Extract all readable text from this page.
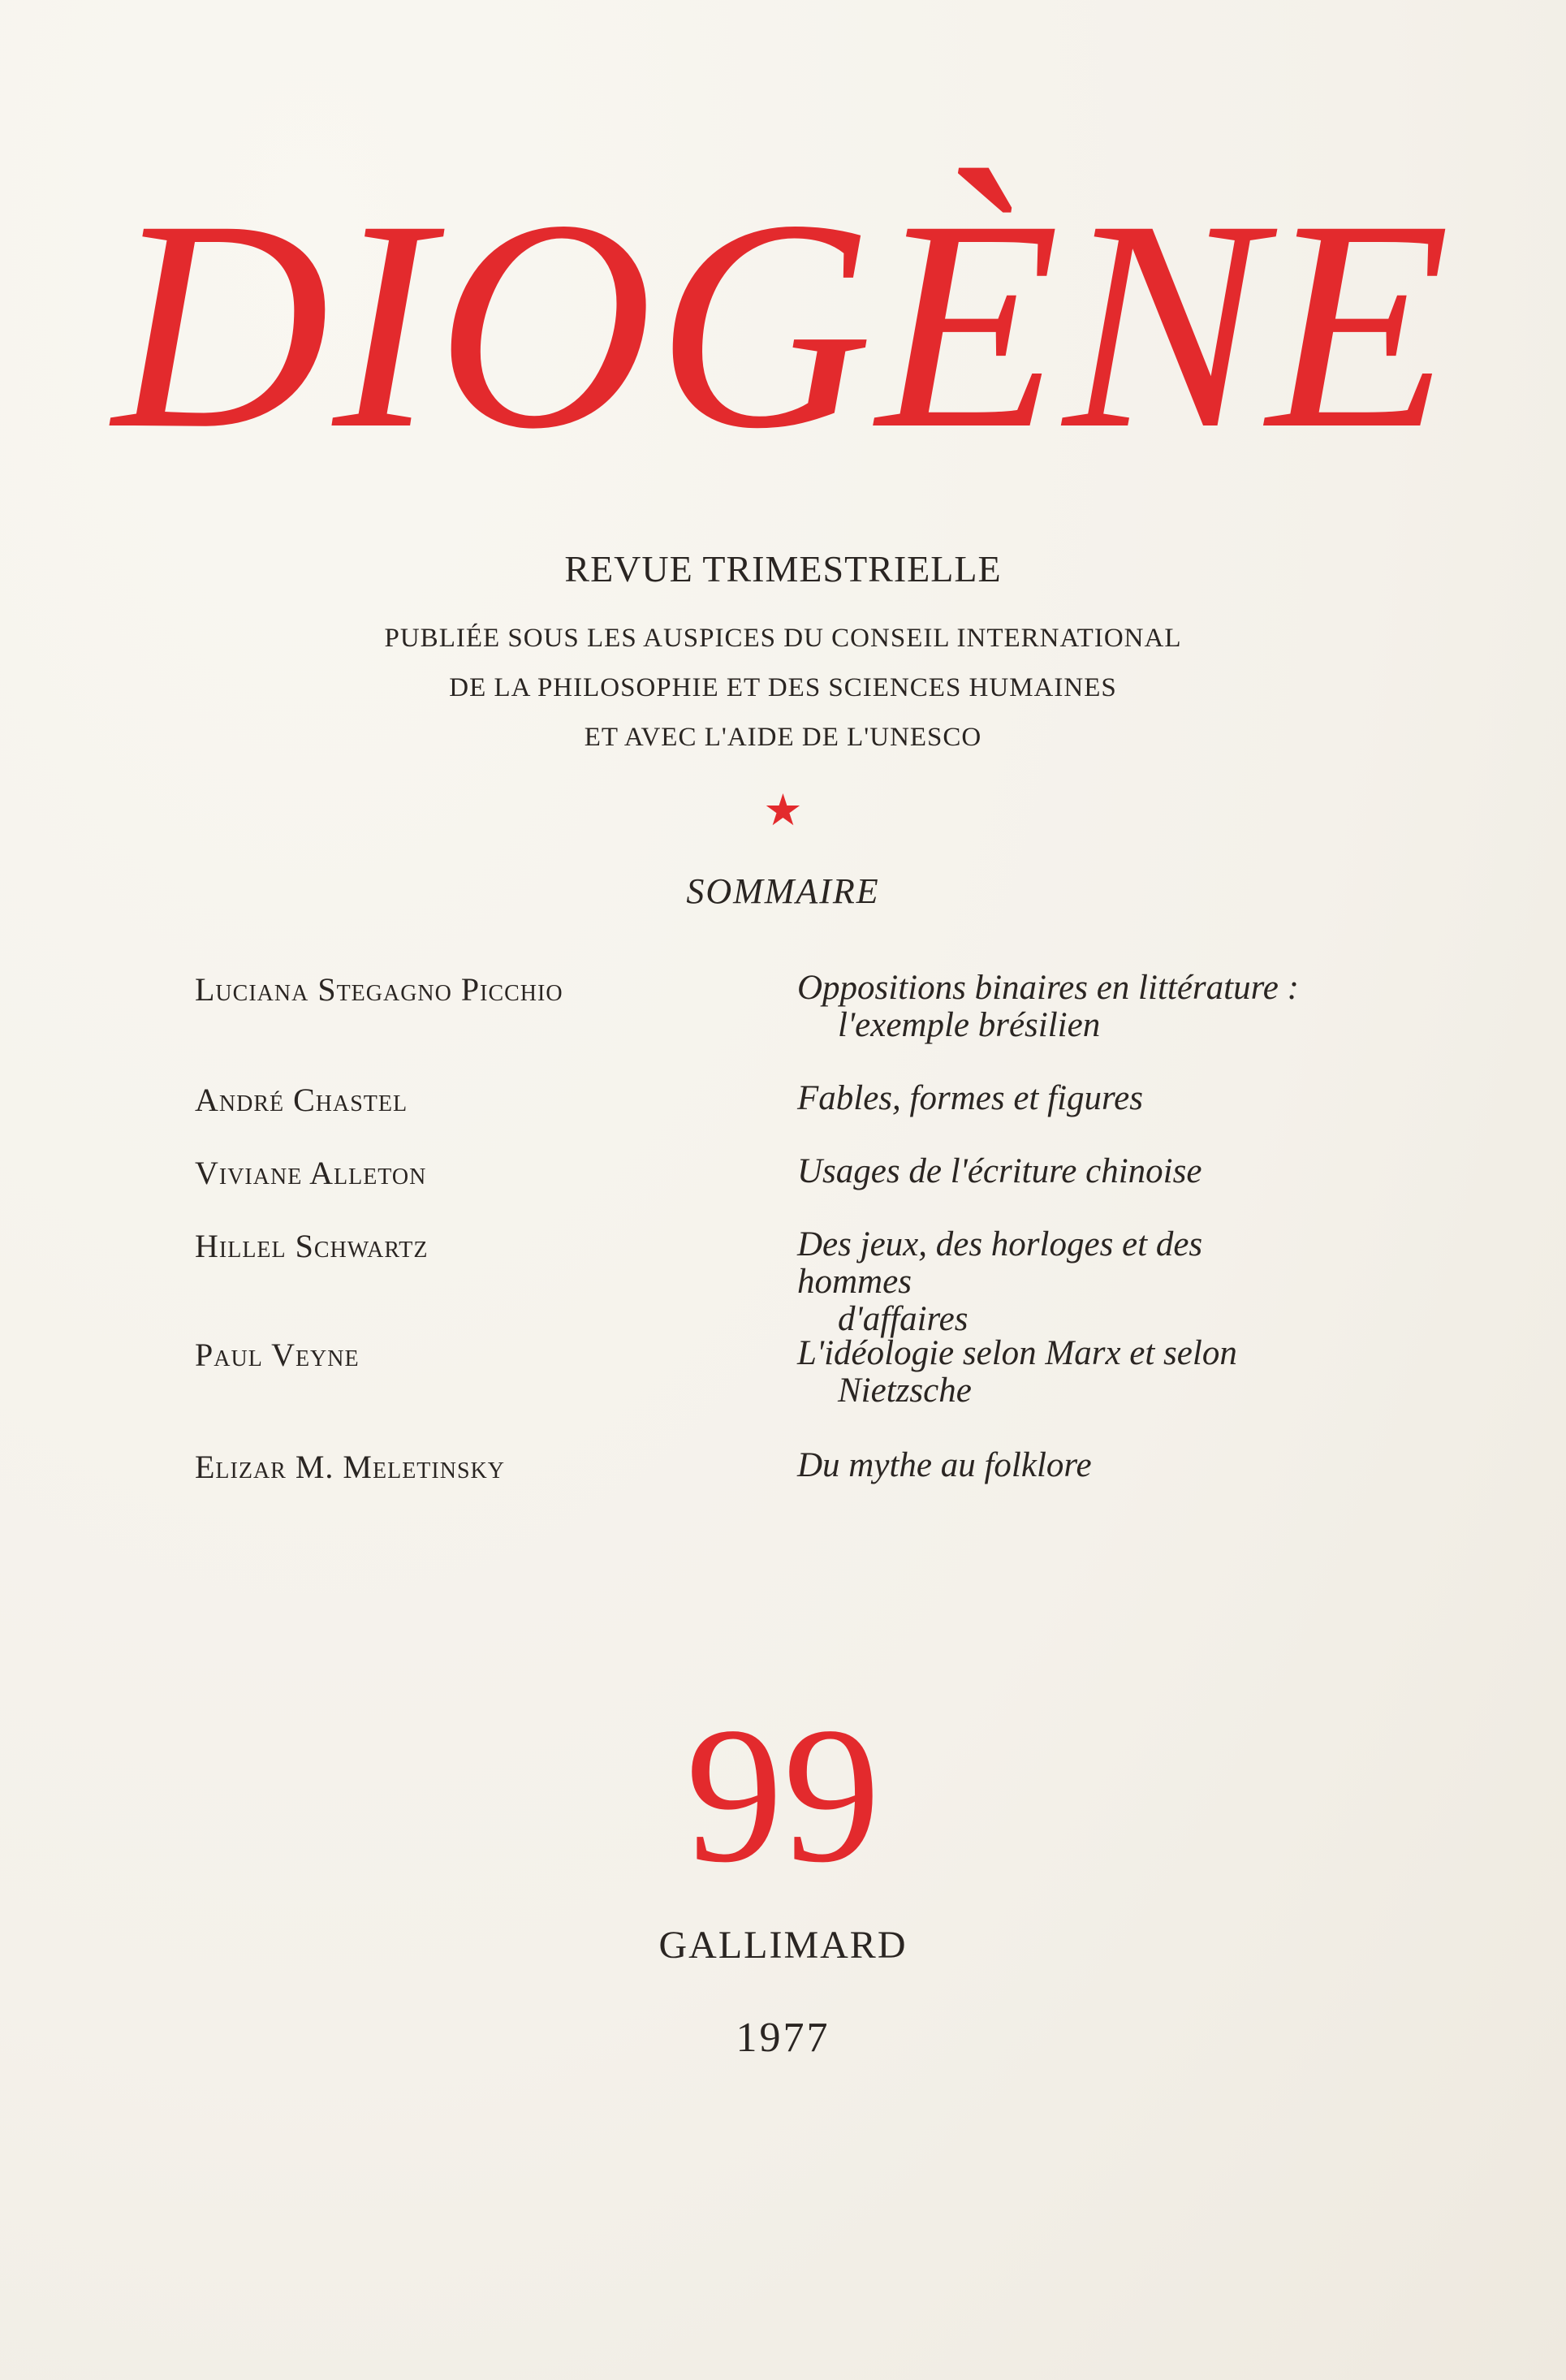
DIOGÈNE
REVUE TRIMESTRIELLE
PUBLIÉE SOUS LES AUSPICES DU CONSEIL INTERNATIONAL
DE LA PHILOSOPHIE ET DES SCIENCES HUMAINES
ET AVEC L'AIDE DE L'UNESCO
★
SOMMAIRE
Luciana Stegagno Picchio	Oppositions binaires en littérature :
l'exemple brésilien
André Chastel	Fables, formes et figures
Viviane Alleton	Usages de l'écriture chinoise
Hillel Schwartz	Des jeux, des horloges et des hommes
d'affaires
Paul Veyne	L'idéologie selon Marx et selon
Nietzsche
Elizar M. Meletinsky	Du mythe au folklore
99
GALLIMARD
1977
